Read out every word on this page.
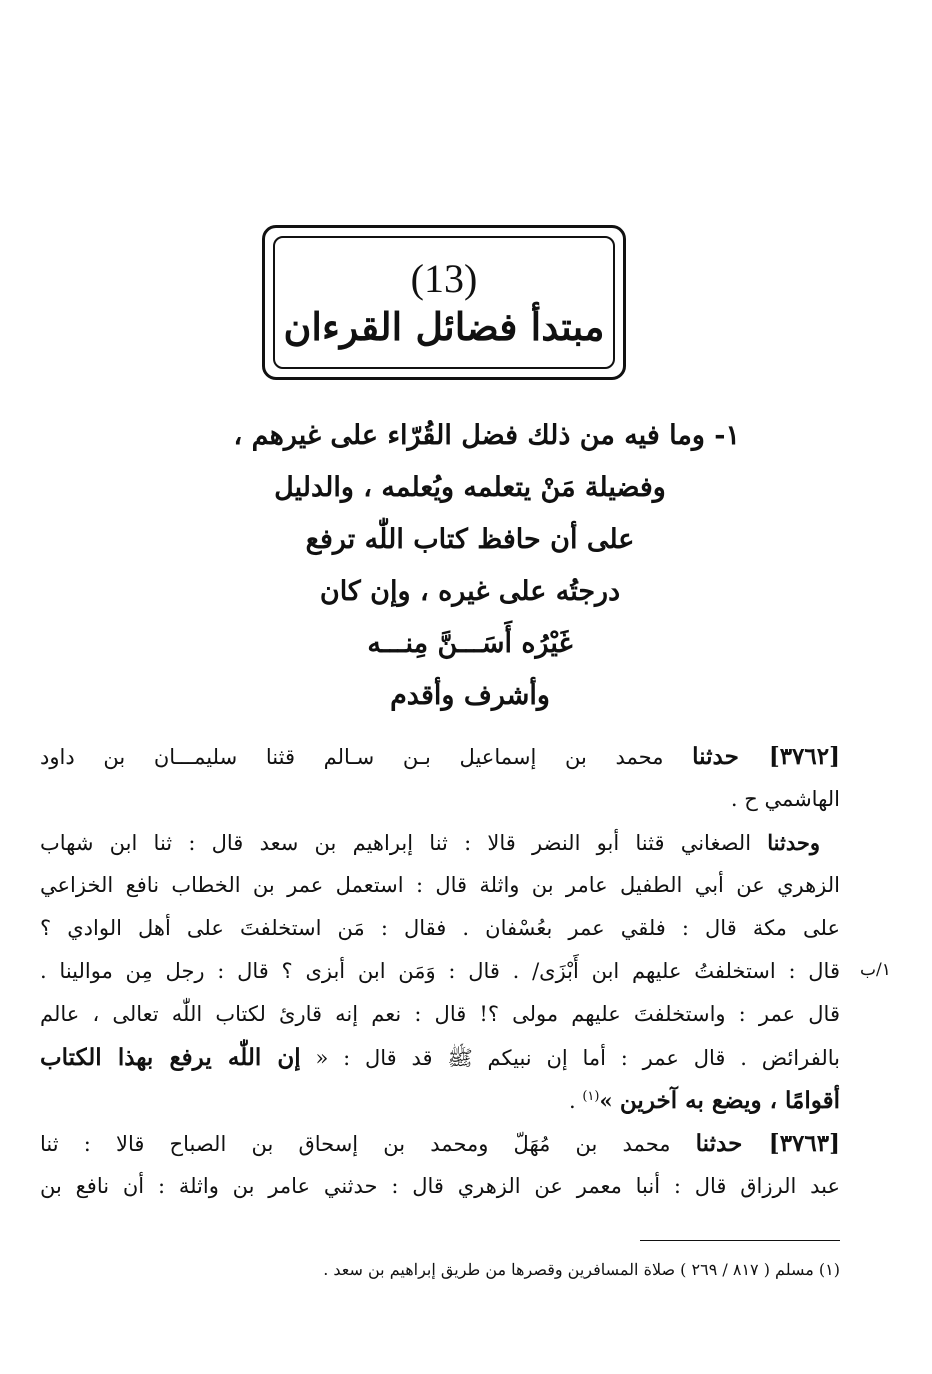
(13)
مبتدأ فضائل القرءان
١- وما فيه من ذلك فضل القُرّاء على غيرهم ،
وفضيلة مَنْ يتعلمه ويُعلمه ، والدليل
على أن حافظ كتاب اللّٰه ترفع
درجتُه على غيره ، وإن كان
غَيْرُه أَسَـــنَّ مِنـــه
وأشرف وأقدم
[٣٧٦٢] حدثنا محمد بن إسماعيل بـن سـالم قثنا سليمـــان بن داود
الهاشمي ح .
وحدثنا الصغاني قثنا أبو النضر قالا : ثنا إبراهيم بن سعد قال : ثنا ابن شهاب
الزهري عن أبي الطفيل عامر بن واثلة قال : استعمل عمر بن الخطاب نافع الخزاعي
على مكة قال : فلقي عمر بعُسْفان . فقال : مَن استخلفتَ على أهل الوادي ؟
قال : استخلفتُ عليهم ابن أَبْزَى/ . قال : وَمَن ابن أبزى ؟ قال : رجل مِن موالينا .
قال عمر : واستخلفتَ عليهم مولى ؟! قال : نعم إنه قارئ لكتاب اللّٰه تعالى ، عالم
بالفرائض . قال عمر : أما إن نبيكم ﷺ قد قال : « إن اللّٰه يرفع بهذا الكتاب
أقوامًا ، ويضع به آخرين »$^{(١)}$ .
[٣٧٦٣] حدثنا محمد بن مُهَلّ ومحمد بن إسحاق بن الصباح قالا : ثنا
عبد الرزاق قال : أنبا معمر عن الزهري قال : حدثني عامر بن واثلة : أن نافع بن
١/ب
(١) مسلم ( ٨١٧ / ٢٦٩ ) صلاة المسافرين وقصرها من طريق إبراهيم بن سعد .
